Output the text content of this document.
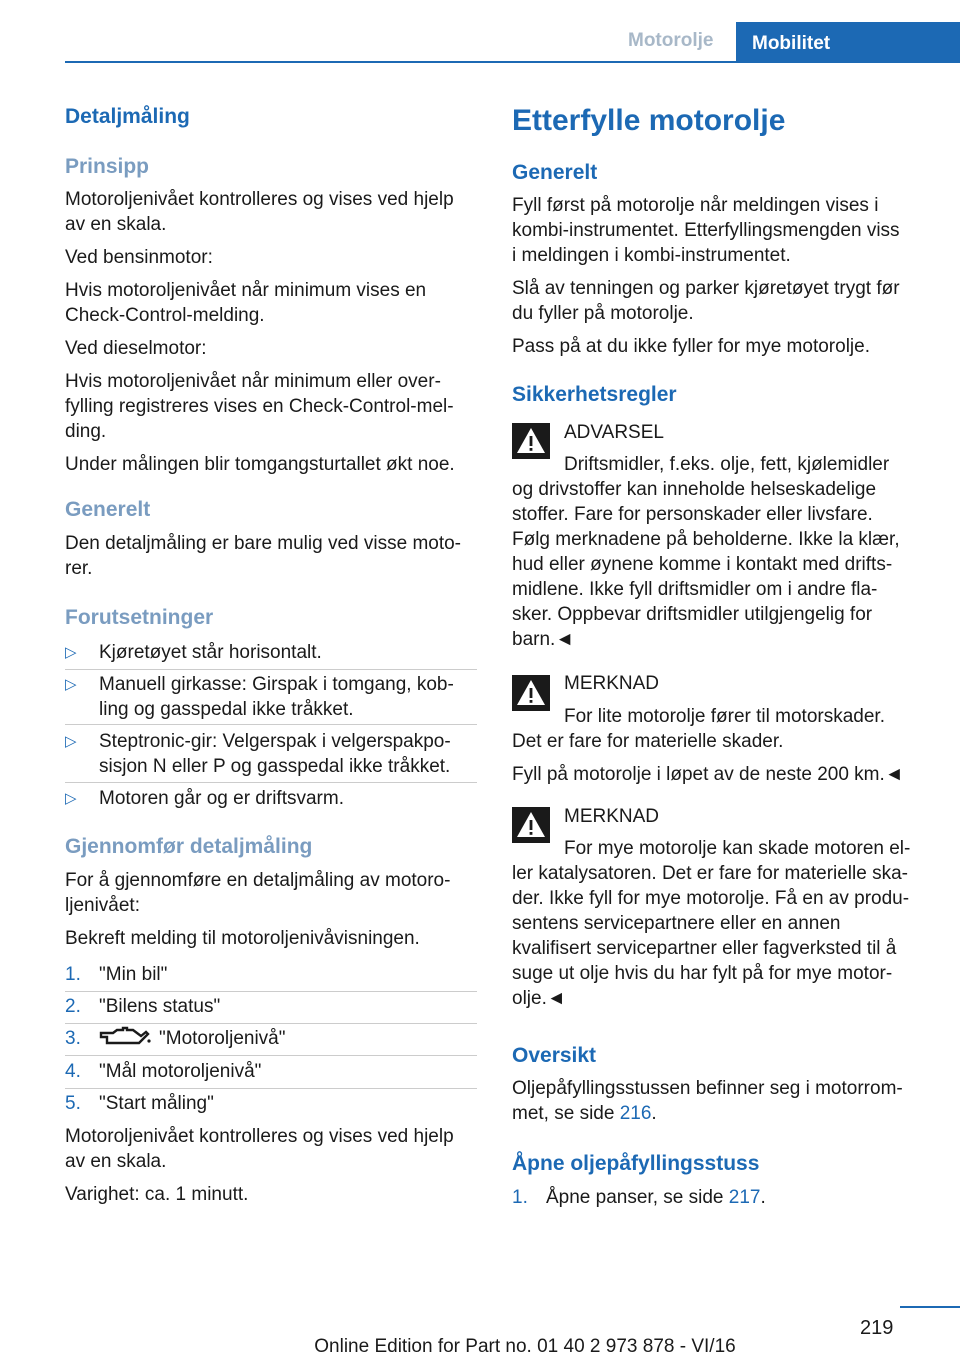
Motorolje	Mobilitet
Detaljmåling
Prinsipp

Motoroljenivået kontrolleres og vises ved hjelp

av en skala.

Ved bensinmotor:

Hvis motoroljenivået når minimum vises en

Check-Control-melding.

Ved dieselmotor:

Hvis motoroljenivået når minimum eller over-

fylling registreres vises en Check-Control-mel-

ding.

Under målingen blir tomgangsturtallet økt noe.

Generelt

Den detaljmåling er bare mulig ved visse moto-

rer.

Forutsetninger
▷	Kjøretøyet står horisontalt.

▷	Manuell girkasse: Girspak i tomgang, kob-

ling og gasspedal ikke tråkket.

▷	Steptronic-gir: Velgerspak i velgerspakpo-

sisjon N eller P og gasspedal ikke tråkket.

▷	Motoren går og er driftsvarm.

Gjennomfør detaljmåling

For å gjennomføre en detaljmåling av motoro-

ljenivået:

Bekreft melding til motoroljenivåvisningen.

1. "Min bil"
2. "Bilens status"
3.	"Motoroljenivå"
4. "Mål motoroljenivå"
5. "Start måling"

Motoroljenivået kontrolleres og vises ved hjelp

av en skala.

Varighet: ca. 1 minutt.

Etterfylle motorolje
Generelt

Fyll først på motorolje når meldingen vises i

kombi-instrumentet. Etterfyllingsmengden viss

i meldingen i kombi-instrumentet.

Slå av tenningen og parker kjøretøyet trygt før

du fyller på motorolje.

Pass på at du ikke fyller for mye motorolje.

Sikkerhetsregler

ADVARSEL

Driftsmidler, f.eks. olje, fett, kjølemidler

og drivstoffer kan inneholde helseskadelige

stoffer. Fare for personskader eller livsfare.

Følg merknadene på beholderne. Ikke la klær,

hud eller øynene komme i kontakt med drifts-

midlene. Ikke fyll driftsmidler om i andre fla-

sker. Oppbevar driftsmidler utilgjengelig for

barn.◄

MERKNAD

For lite motorolje fører til motorskader.

Det er fare for materielle skader.

Fyll på motorolje i løpet av de neste 200 km.◄

MERKNAD

For mye motorolje kan skade motoren el-

ler katalysatoren. Det er fare for materielle ska-

der. Ikke fyll for mye motorolje. Få en av produ-

sentens servicepartnere eller en annen

kvalifisert servicepartner eller fagverksted til å

suge ut olje hvis du har fylt på for mye motor-

olje.◄

Oversikt

Oljepåfyllingsstussen befinner seg i motorrom-

met, se side 216.

Åpne oljepåfyllingsstuss
1. Åpne panser, se side 217.
219
Online Edition for Part no. 01 40 2 973 878 - VI/16
